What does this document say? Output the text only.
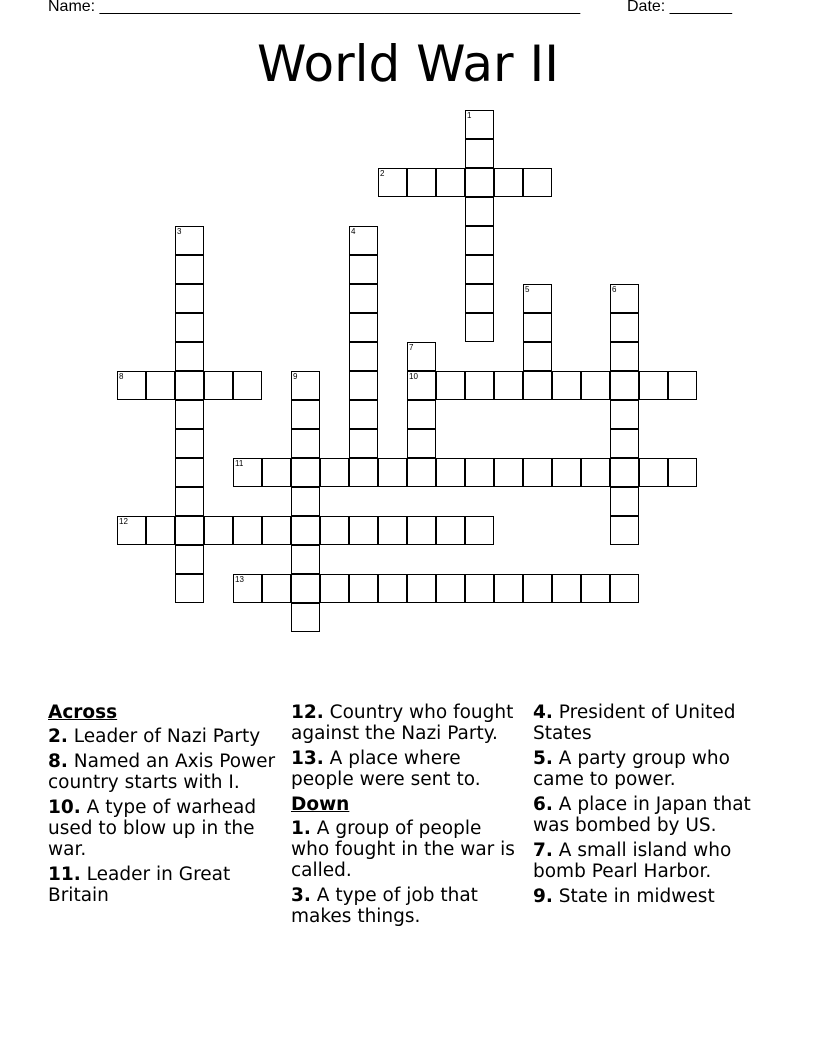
Name: ______________________________________________________	Date: _______
World War II
1
2
3	4
5	6
7
10
8	9
11
12
13
Across
2. Leader of Nazi Party
8. Named an Axis Power country starts with I.
10. A type of warhead used to blow up in the war.
11. Leader in Great Britain
12. Country who fought against the Nazi Party.
13. A place where people were sent to.
Down
1. A group of people who fought in the war is called.
3. A type of job that makes things.
4. President of United States
5. A party group who came to power.
6. A place in Japan that was bombed by US.
7. A small island who bomb Pearl Harbor.
9. State in midwest
